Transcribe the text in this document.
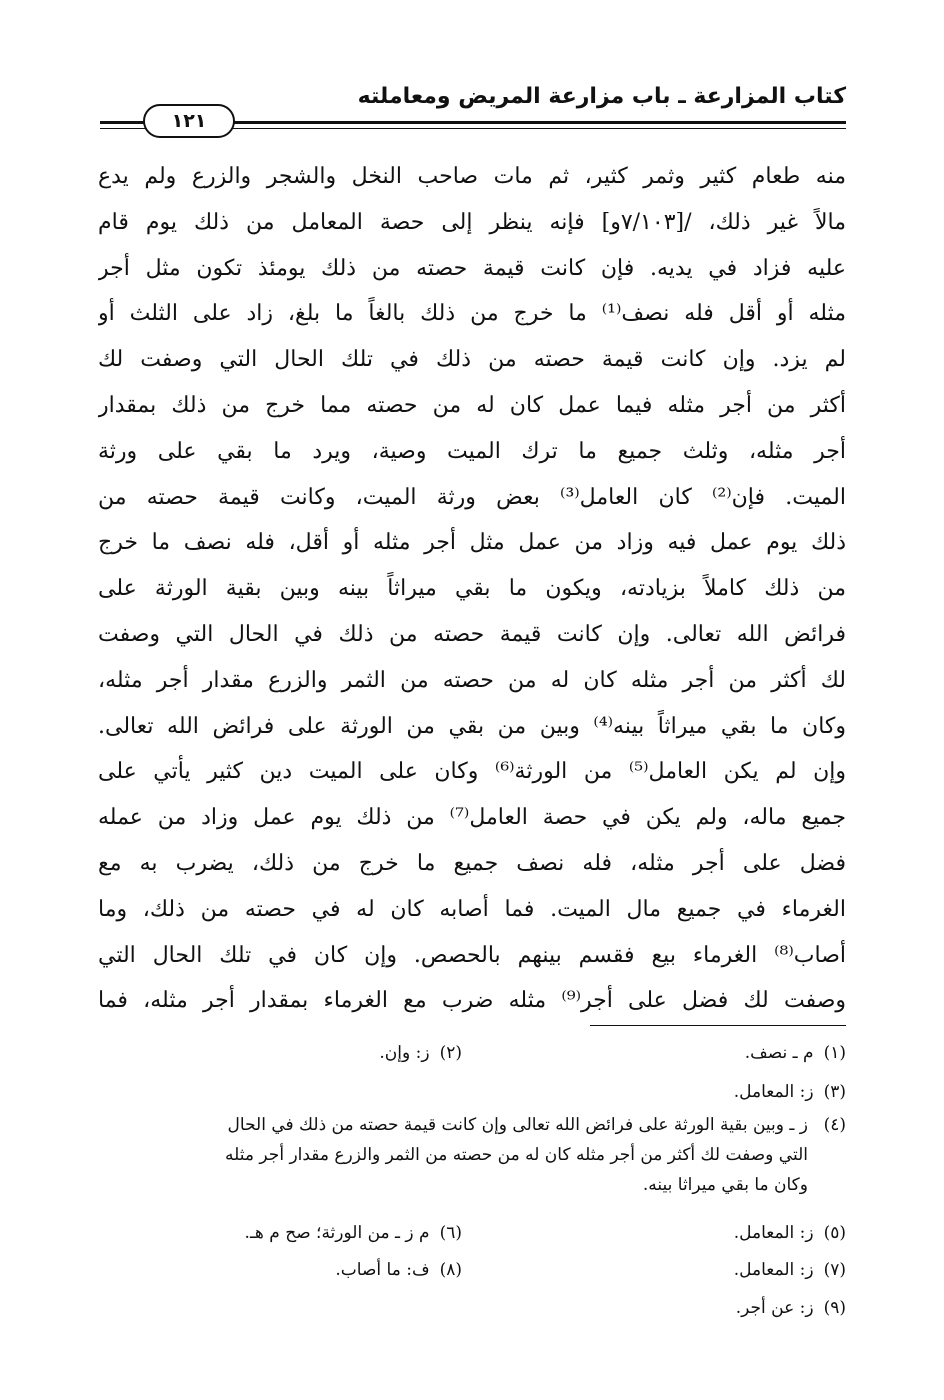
كتاب المزارعة ـ باب مزارعة المريض ومعاملته
١٢١
منه طعام كثير وثمر كثير، ثم مات صاحب النخل والشجر والزرع ولم يدع
مالاً غير ذلك، /[٧/١٠٣و] فإنه ينظر إلى حصة المعامل من ذلك يوم قام
عليه فزاد في يديه. فإن كانت قيمة حصته من ذلك يومئذ تكون مثل أجر
مثله أو أقل فله نصف⁽¹⁾ ما خرج من ذلك بالغاً ما بلغ، زاد على الثلث أو
لم يزد. وإن كانت قيمة حصته من ذلك في تلك الحال التي وصفت لك
أكثر من أجر مثله فيما عمل كان له من حصته مما خرج من ذلك بمقدار
أجر مثله، وثلث جميع ما ترك الميت وصية، ويرد ما بقي على ورثة
الميت. فإن⁽²⁾ كان العامل⁽³⁾ بعض ورثة الميت، وكانت قيمة حصته من
ذلك يوم عمل فيه وزاد من عمل مثل أجر مثله أو أقل، فله نصف ما خرج
من ذلك كاملاً بزيادته، ويكون ما بقي ميراثاً بينه وبين بقية الورثة على
فرائض الله تعالى. وإن كانت قيمة حصته من ذلك في الحال التي وصفت
لك أكثر من أجر مثله كان له من حصته من الثمر والزرع مقدار أجر مثله،
وكان ما بقي ميراثاً بينه⁽⁴⁾ وبين من بقي من الورثة على فرائض الله تعالى.
وإن لم يكن العامل⁽⁵⁾ من الورثة⁽⁶⁾ وكان على الميت دين كثير يأتي على
جميع ماله، ولم يكن في حصة العامل⁽⁷⁾ من ذلك يوم عمل وزاد من عمله
فضل على أجر مثله، فله نصف جميع ما خرج من ذلك، يضرب به مع
الغرماء في جميع مال الميت. فما أصابه كان له في حصته من ذلك، وما
أصاب⁽⁸⁾ الغرماء بيع فقسم بينهم بالحصص. وإن كان في تلك الحال التي
وصفت لك فضل على أجر⁽⁹⁾ مثله ضرب مع الغرماء بمقدار أجر مثله، فما
(١)م ـ نصف.
(٢)ز: وإن.
(٣)ز: المعامل.
(٤)
ز ـ وبين بقية الورثة على فرائض الله تعالى وإن كانت قيمة حصته من ذلك في الحال
التي وصفت لك أكثر من أجر مثله كان له من حصته من الثمر والزرع مقدار أجر مثله
وكان ما بقي ميراثا بينه.
(٥)ز: المعامل.
(٦)م ز ـ من الورثة؛ صح م هـ.
(٧)ز: المعامل.
(٨)ف: ما أصاب.
(٩)ز: عن أجر.
